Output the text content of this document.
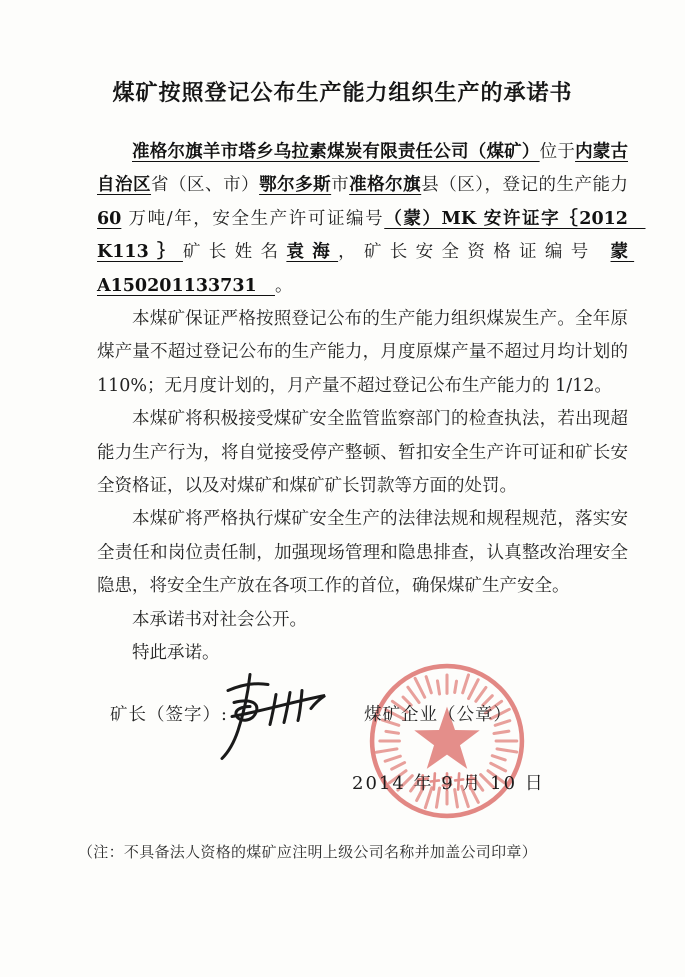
煤矿按照登记公布生产能力组织生产的承诺书

准格尔旗羊市塔乡乌拉素煤炭有限责任公司（煤矿）位于内蒙古自治区省（区、市）鄂尔多斯市准格尔旗县（区），登记的生产能力60 万吨/年，安全生产许可证编号（蒙）MK 安许证字｛2012　K113｝矿长姓名袁海，矿长安全资格证编号 蒙 A150201133731   。

本煤矿保证严格按照登记公布的生产能力组织煤炭生产。全年原煤产量不超过登记公布的生产能力，月度原煤产量不超过月均计划的110%；无月度计划的，月产量不超过登记公布生产能力的 1/12。

本煤矿将积极接受煤矿安全监管监察部门的检查执法，若出现超能力生产行为，将自觉接受停产整顿、暂扣安全生产许可证和矿长安全资格证，以及对煤矿和煤矿矿长罚款等方面的处罚。

本煤矿将严格执行煤矿安全生产的法律法规和规程规范，落实安全责任和岗位责任制，加强现场管理和隐患排查，认真整改治理安全隐患，将安全生产放在各项工作的首位，确保煤矿生产安全。

本承诺书对社会公开。

特此承诺。

矿长（签字）:	煤矿企业（公章）
2014 年 9 月 10 日
（注：不具备法人资格的煤矿应注明上级公司名称并加盖公司印章）
